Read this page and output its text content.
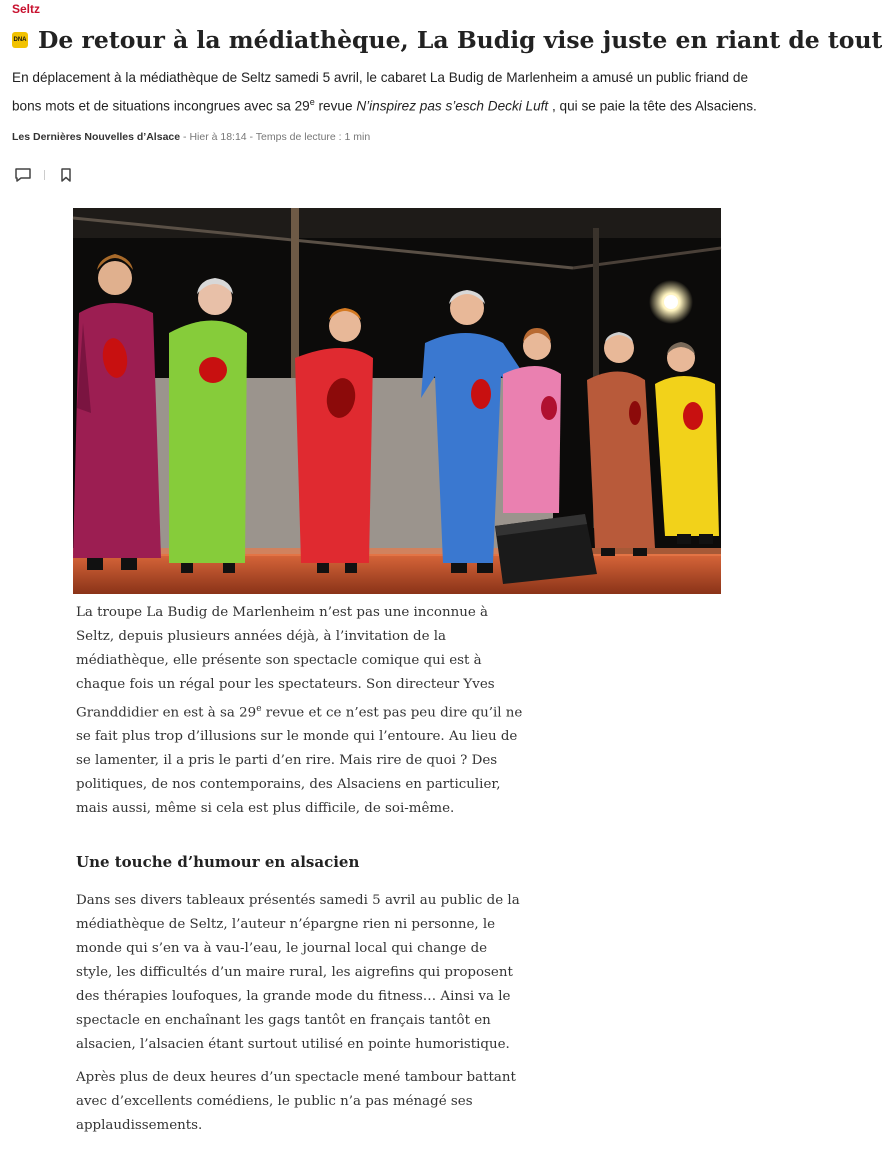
Seltz
DNA De retour à la médiathèque, La Budig vise juste en riant de tout

En déplacement à la médiathèque de Seltz samedi 5 avril, le cabaret La Budig de Marlenheim a amusé un public friand de bons mots et de situations incongrues avec sa 29e revue N’inspirez pas s’esch Decki Luft , qui se paie la tête des Alsaciens.

Les Dernières Nouvelles d’Alsace - Hier à 18:14 - Temps de lecture : 1 min

La troupe La Budig de Marlenheim n’est pas une inconnue à Seltz, depuis plusieurs années déjà, à l’invitation de la médiathèque, elle présente son spectacle comique qui est à chaque fois un régal pour les spectateurs. Son directeur Yves Granddidier en est à sa 29e revue et ce n’est pas peu dire qu’il ne se fait plus trop d’illusions sur le monde qui l’entoure. Au lieu de se lamenter, il a pris le parti d’en rire. Mais rire de quoi ? Des politiques, de nos contemporains, des Alsaciens en particulier, mais aussi, même si cela est plus difficile, de soi-même.

Une touche d’humour en alsacien

Dans ses divers tableaux présentés samedi 5 avril au public de la médiathèque de Seltz, l’auteur n’épargne rien ni personne, le monde qui s’en va à vau-l’eau, le journal local qui change de style, les difficultés d’un maire rural, les aigrefins qui proposent des thérapies loufoques, la grande mode du fitness… Ainsi va le spectacle en enchaînant les gags tantôt en français tantôt en alsacien, l’alsacien étant surtout utilisé en pointe humoristique.

Après plus de deux heures d’un spectacle mené tambour battant avec d’excellents comédiens, le public n’a pas ménagé ses applaudissements.
